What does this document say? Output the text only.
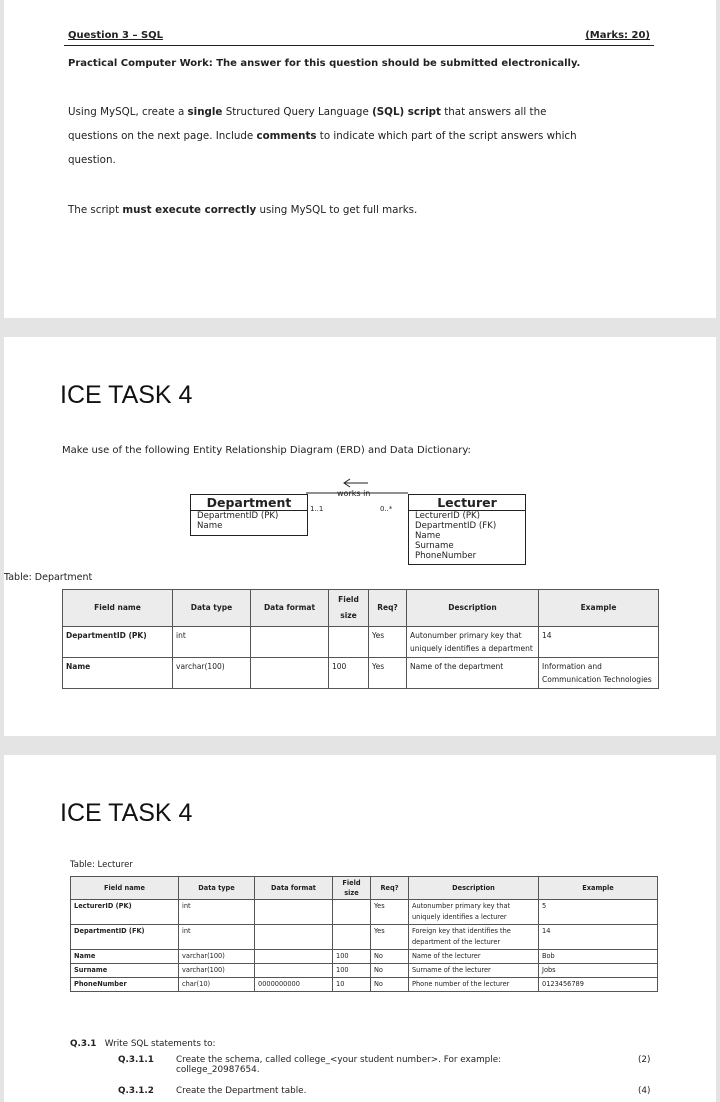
Question 3 – SQL	(Marks: 20)
Practical Computer Work: The answer for this question should be submitted electronically.
Using MySQL, create a single Structured Query Language (SQL) script that answers all the
questions on the next page. Include comments to indicate which part of the script answers which
question.
The script must execute correctly using MySQL to get full marks.
ICE TASK 4
Make use of the following Entity Relationship Diagram (ERD) and Data Dictionary:
Department
DepartmentID (PK)
Name
Lecturer
LecturerID (PK)
DepartmentID (FK)
Name
Surname
PhoneNumber
works in
1..1	0..*
Table: Department
Field name	Data type	Data format	Field size	Req?	Description	Example
DepartmentID (PK)	int			Yes	Autonumber primary key that uniquely identifies a department	14
Name	varchar(100)		100	Yes	Name of the department	Information and Communication Technologies
ICE TASK 4
Table: Lecturer
Field name	Data type	Data format	Field size	Req?	Description	Example
LecturerID (PK)	int			Yes	Autonumber primary key that uniquely identifies a lecturer	5
DepartmentID (FK)	int			Yes	Foreign key that identifies the department of the lecturer	14
Name	varchar(100)		100	No	Name of the lecturer	Bob
Surname	varchar(100)		100	No	Surname of the lecturer	Jobs
PhoneNumber	char(10)	0000000000	10	No	Phone number of the lecturer	0123456789
Q.3.1 Write SQL statements to:
Q.3.1.1	Create the schema, called college_<your student number>. For example:
college_20987654.
(2)
Q.3.1.2	Create the Department table.	(4)
